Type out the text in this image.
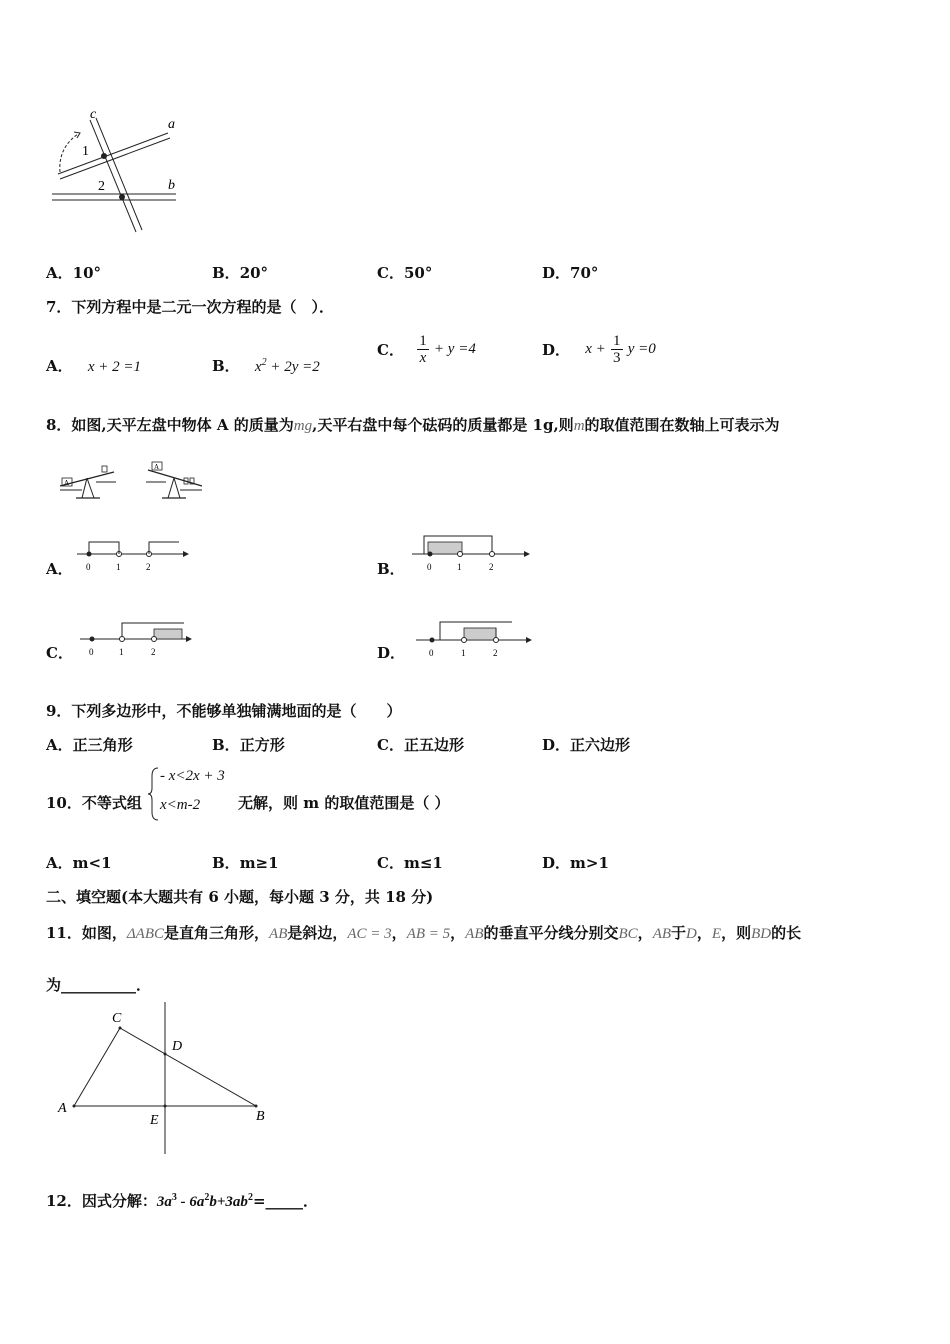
a
b
c
1
2
A．10°	B．20°	C．50°	D．70°
7．下列方程中是二元一次方程的是（　）．
A． x + 2 =1	B． $x^2 + 2y =2$
C． $\frac{1}{x} + y =4$	D． $x + \frac{1}{3}$ y =0
8．如图,天平左盘中物体 A 的质量为mg,天平右盘中每个砝码的质量都是 1g,则m的取值范围在数轴上可表示为
A
A
A． 0	1	2	B． 0	1	2
C． 0	1	2	D．	0	1	2
9．下列多边形中，不能够单独铺满地面的是（　　）
A．正三角形	B．正方形	C．正五边形	D．正六边形
10．不等式组
- x<2x + 3
x<m-2	无解，则 m 的取值范围是（ ）
A．m<1	B．m≥1	C．m≤1	D．m>1
二、填空题(本大题共有 6 小题，每小题 3 分，共 18 分)
11．如图，ΔABC是直角三角形，AB是斜边，AC = 3，AB = 5，AB的垂直平分线分别交BC，AB于D，E，则BD的长
为__________．
C
D
A
E	B
12．因式分解：$3a^3$ - $6a^2b+3ab^2=\_\_\_\_\_$．
